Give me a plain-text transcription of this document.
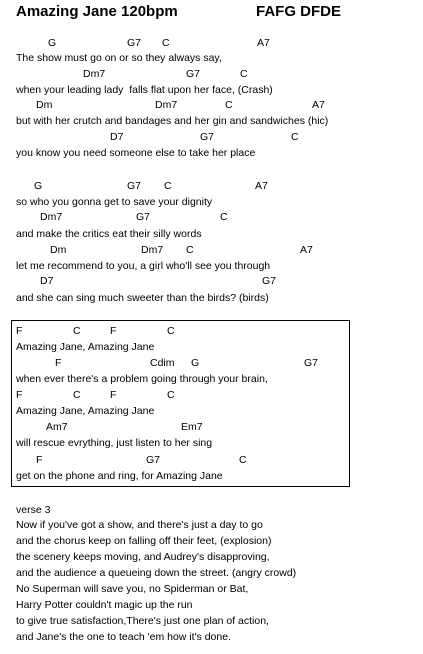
Amazing Jane 120bpm	FAFG DFDE
G	G7 C	A7
The show must go on or so they always say,
Dm7	G7	C
when your leading lady  falls flat upon her face, (Crash)
Dm	Dm7	C	A7
but with her crutch and bandages and her gin and sandwiches (hic)
D7	G7	C
you know you need someone else to take her place
G	G7 C	A7
so who you gonna get to save your dignity
Dm7	G7	C
and make the critics eat their silly words
Dm	Dm7 C	A7
let me recommend to you, a girl who'll see you through
D7	G7
and she can sing much sweeter than the birds? (birds)
F	C	F	C
Amazing Jane, Amazing Jane
F	Cdim G	G7
when ever there's a problem going through your brain,
F	C	F	C
Amazing Jane, Amazing Jane
Am7	Em7
will rescue evrything, just listen to her sing
F	G7	C
get on the phone and ring, for Amazing Jane
verse 3
Now if you've got a show, and there's just a day to go
and the chorus keep on falling off their feet, (explosion)
the scenery keeps moving, and Audrey's disapproving,
and the audience a queueing down the street. (angry crowd)
No Superman will save you, no Spiderman or Bat,
Harry Potter couldn't magic up the run
to give true satisfaction,There's just one plan of action,
and Jane's the one to teach 'em how it's done.
